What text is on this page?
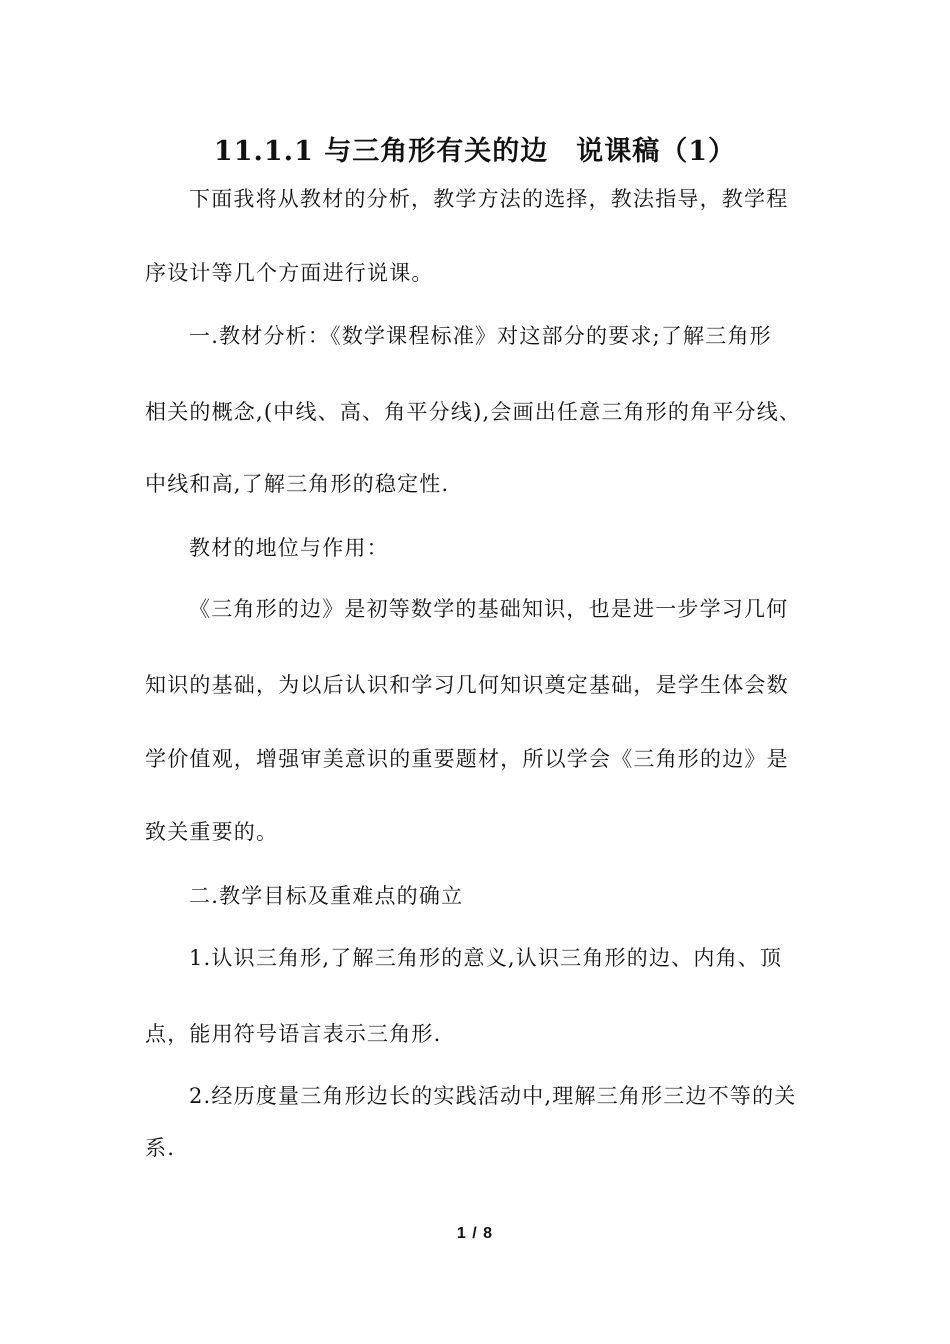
11.1.1 与三角形有关的边　说课稿（1）
下面我将从教材的分析，教学方法的选择，教法指导，教学程
序设计等几个方面进行说课。
一.教材分析：《数学课程标准》对这部分的要求;了解三角形
相关的概念,(中线、高、角平分线),会画出任意三角形的角平分线、
中线和高,了解三角形的稳定性.
教材的地位与作用：
《三角形的边》是初等数学的基础知识，也是进一步学习几何
知识的基础，为以后认识和学习几何知识奠定基础，是学生体会数
学价值观，增强审美意识的重要题材，所以学会《三角形的边》是
致关重要的。
二.教学目标及重难点的确立
1.认识三角形,了解三角形的意义,认识三角形的边、内角、顶
点，能用符号语言表示三角形.
2.经历度量三角形边长的实践活动中,理解三角形三边不等的关
系.
1 / 8
